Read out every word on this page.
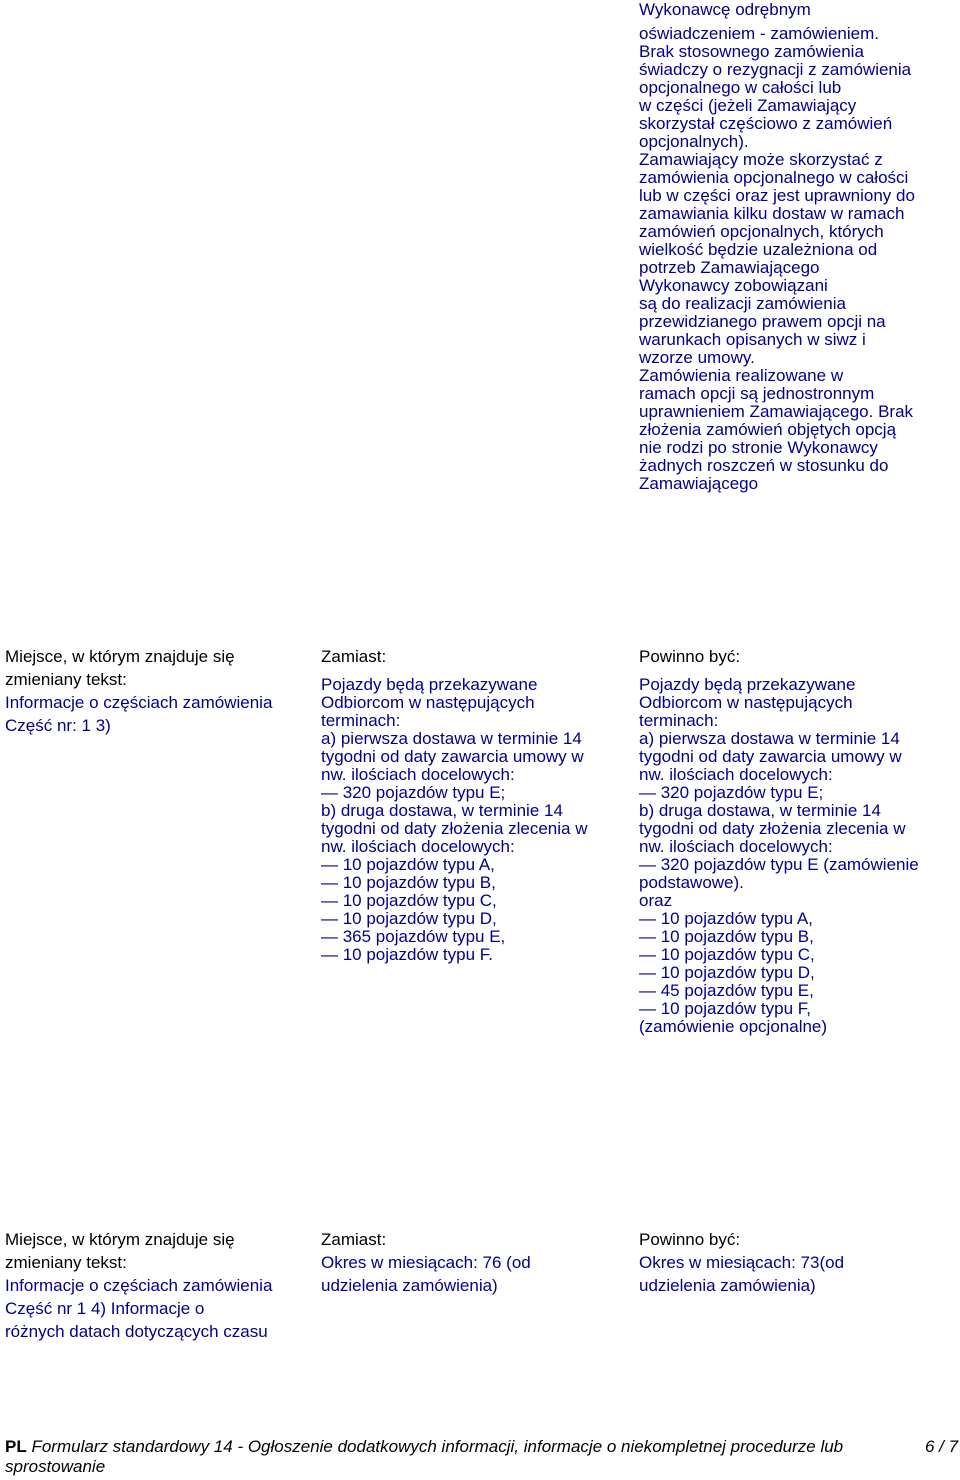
Wykonawcę odrębnym
oświadczeniem - zamówieniem.
Brak stosownego zamówienia
świadczy o rezygnacji z zamówienia
opcjonalnego w całości lub
w części (jeżeli Zamawiający
skorzystał częściowo z zamówień
opcjonalnych).
Zamawiający może skorzystać z
zamówienia opcjonalnego w całości
lub w części oraz jest uprawniony do
zamawiania kilku dostaw w ramach
zamówień opcjonalnych, których
wielkość będzie uzależniona od
potrzeb Zamawiającego
Wykonawcy zobowiązani
są do realizacji zamówienia
przewidzianego prawem opcji na
warunkach opisanych w siwz i
wzorze umowy.
Zamówienia realizowane w
ramach opcji są jednostronnym
uprawnieniem Zamawiającego. Brak
złożenia zamówień objętych opcją
nie rodzi po stronie Wykonawcy
żadnych roszczeń w stosunku do
Zamawiającego
Miejsce, w którym znajduje się
zmieniany tekst:
Informacje o częściach zamówienia
Część nr: 1 3)
Zamiast:
Pojazdy będą przekazywane
Odbiorcom w następujących
terminach:
a) pierwsza dostawa w terminie 14
tygodni od daty zawarcia umowy w
nw. ilościach docelowych:
— 320 pojazdów typu E;
b) druga dostawa, w terminie 14
tygodni od daty złożenia zlecenia w
nw. ilościach docelowych:
— 10 pojazdów typu A,
— 10 pojazdów typu B,
— 10 pojazdów typu C,
— 10 pojazdów typu D,
— 365 pojazdów typu E,
— 10 pojazdów typu F.
Powinno być:
Pojazdy będą przekazywane
Odbiorcom w następujących
terminach:
a) pierwsza dostawa w terminie 14
tygodni od daty zawarcia umowy w
nw. ilościach docelowych:
— 320 pojazdów typu E;
b) druga dostawa, w terminie 14
tygodni od daty złożenia zlecenia w
nw. ilościach docelowych:
— 320 pojazdów typu E (zamówienie
podstawowe).
oraz
— 10 pojazdów typu A,
— 10 pojazdów typu B,
— 10 pojazdów typu C,
— 10 pojazdów typu D,
— 45 pojazdów typu E,
— 10 pojazdów typu F,
(zamówienie opcjonalne)
Miejsce, w którym znajduje się
zmieniany tekst:
Informacje o częściach zamówienia
Część nr 1 4) Informacje o
różnych datach dotyczących czasu
Zamiast:
Okres w miesiącach: 76 (od
udzielenia zamówienia)
Powinno być:
Okres w miesiącach: 73(od
udzielenia zamówienia)
PL Formularz standardowy 14 - Ogłoszenie dodatkowych informacji, informacje o niekompletnej procedurze lub
sprostowanie
6 / 7
